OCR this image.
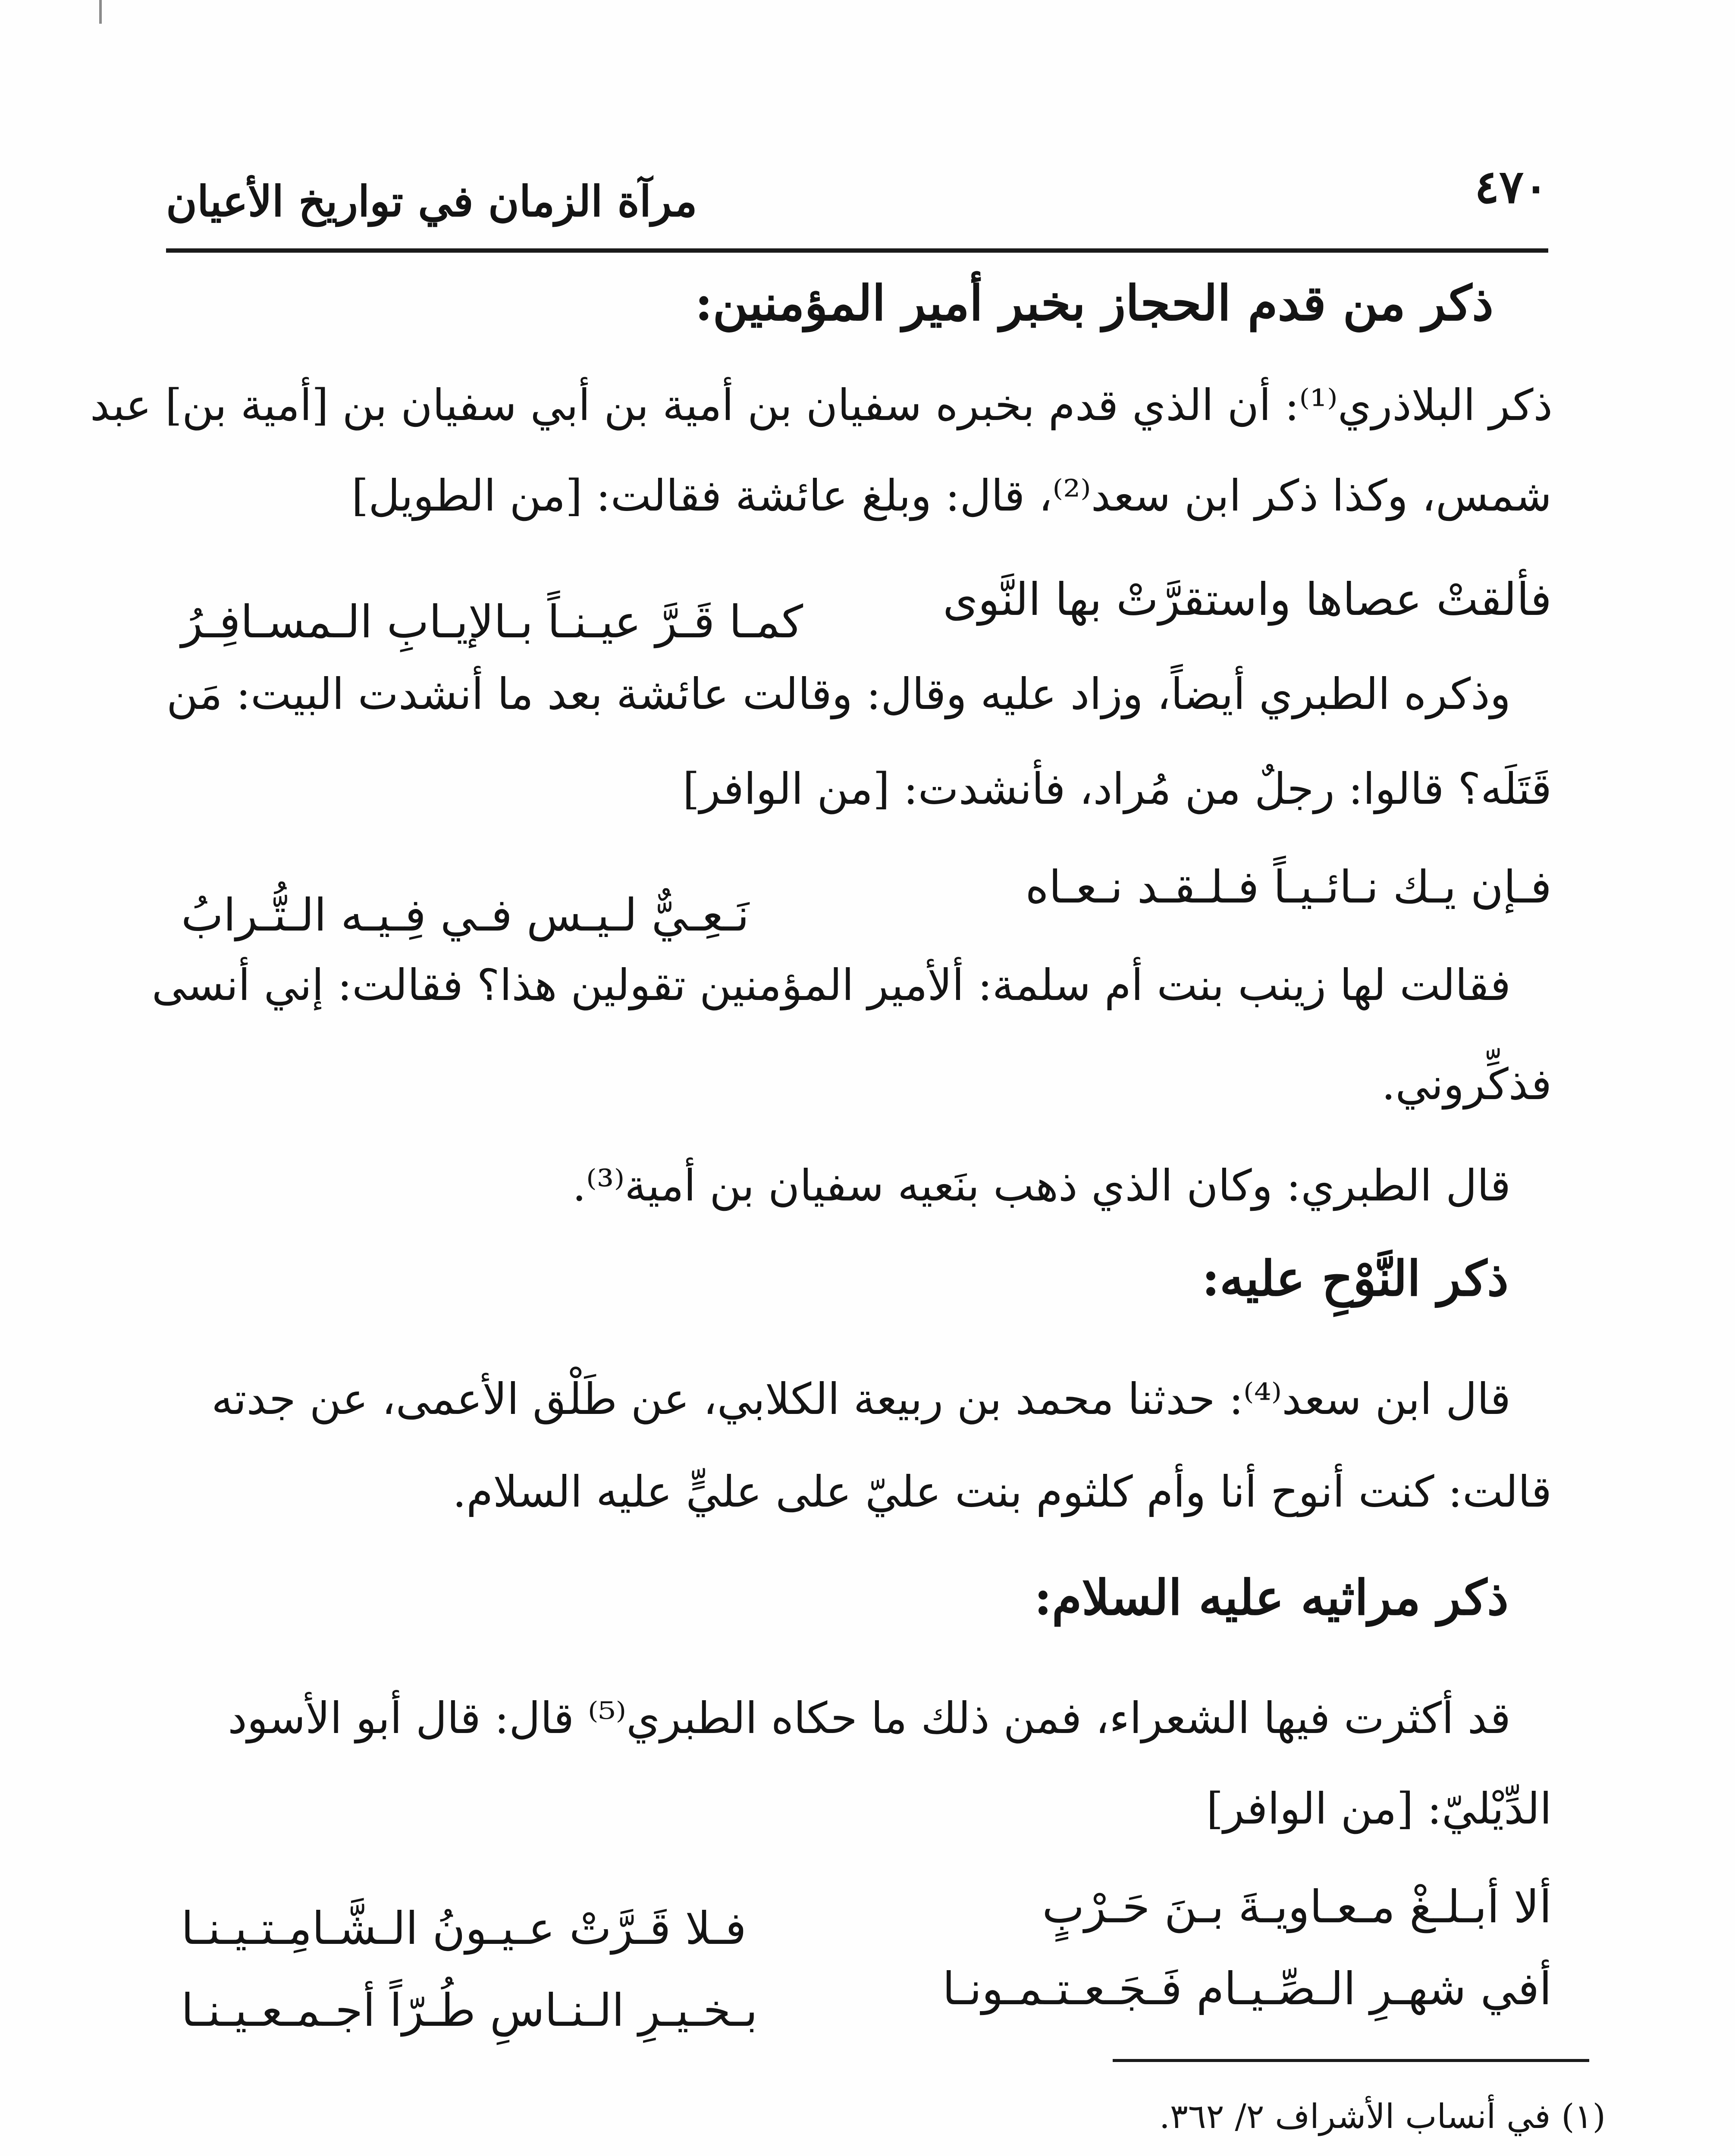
٤٧٠
مرآة الزمان في تواريخ الأعيان
ذكر من قدم الحجاز بخبر أمير المؤمنين:
ذكر البلاذري⁽¹⁾: أن الذي قدم بخبره سفيان بن أمية بن أبي سفيان بن [أمية بن] عبد
شمس، وكذا ذكر ابن سعد⁽²⁾، قال: وبلغ عائشة فقالت: [من الطويل]
فألقتْ عصاها واستقرَّتْ بها النَّوى
كمـا قَـرَّ عيـنـاً بـالإيـابِ الـمسـافِـرُ
وذكره الطبري أيضاً، وزاد عليه وقال: وقالت عائشة بعد ما أنشدت البيت: مَن
قَتَلَه؟ قالوا: رجلٌ من مُراد، فأنشدت: [من الوافر]
فـإن يـك نـائـيـاً فـلـقـد نـعـاه
نَـعِـيٌّ لـيـس فـي فِـيـه الـتُّـرابُ
فقالت لها زينب بنت أم سلمة: ألأمير المؤمنين تقولين هذا؟ فقالت: إني أنسى
فذكِّروني.
قال الطبري: وكان الذي ذهب بنَعيه سفيان بن أمية⁽³⁾.
ذكر النَّوْحِ عليه:
قال ابن سعد⁽⁴⁾: حدثنا محمد بن ربيعة الكلابي، عن طَلْق الأعمى، عن جدته
قالت: كنت أنوح أنا وأم كلثوم بنت عليّ على عليٍّ عليه السلام.
ذكر مراثيه عليه السلام:
قد أكثرت فيها الشعراء، فمن ذلك ما حكاه الطبري⁽⁵⁾ قال: قال أبو الأسود
الدِّيْليّ: [من الوافر]
ألا أبـلـغْ مـعـاويـةَ بـنَ حَـرْبٍ
فـلا قَـرَّتْ عـيـونُ الـشَّـامِـتـيـنـا
أفي شهـرِ الـصِّـيـام فَـجَـعـتـمـونـا
بـخـيـرِ الـنـاسِ طُـرّاً أجـمـعـيـنـا
(١) في أنساب الأشراف ٢/ ٣٦٢.
